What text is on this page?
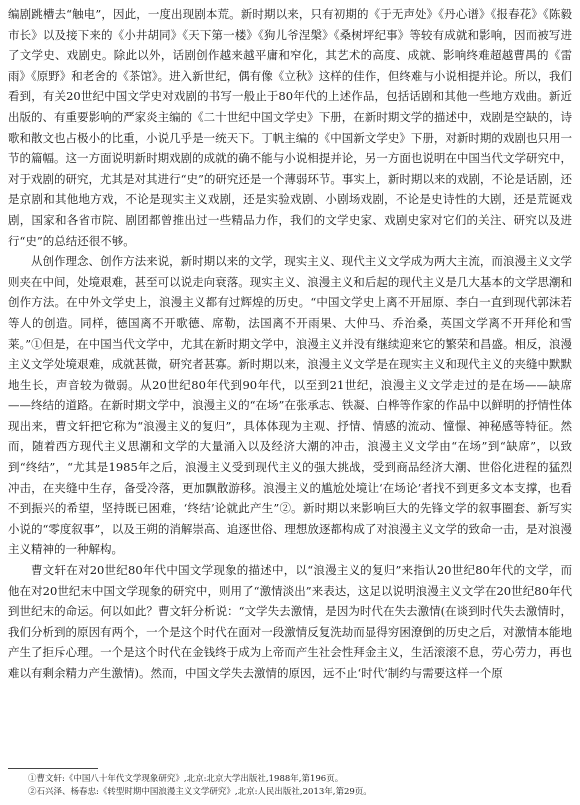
编剧跳槽去“触电”，因此，一度出现剧本荒。新时期以来，只有初期的《于无声处》《丹心谱》《报春花》《陈毅市长》以及接下来的《小井胡同》《天下第一楼》《狗儿爷涅槃》《桑树坪纪事》等较有成就和影响，因而被写进了文学史、戏剧史。除此以外，话剧创作越来越平庸和窄化，其艺术的高度、成就、影响终难超越曹禺的《雷雨》《原野》和老舍的《茶馆》。进入新世纪，偶有像《立秋》这样的佳作，但终难与小说相提并论。所以，我们看到，有关20世纪中国文学史对戏剧的书写一般止于80年代的上述作品，包括话剧和其他一些地方戏曲。新近出版的、有重要影响的严家炎主编的《二十世纪中国文学史》下册，在新时期文学的描述中，戏剧是空缺的，诗歌和散文也占极小的比重，小说几乎是一统天下。丁帆主编的《中国新文学史》下册，对新时期的戏剧也只用一节的篇幅。这一方面说明新时期戏剧的成就的确不能与小说相提并论，另一方面也说明在中国当代文学研究中，对于戏剧的研究，尤其是对其进行“史”的研究还是一个薄弱环节。事实上，新时期以来的戏剧，不论是话剧，还是京剧和其他地方戏，不论是现实主义戏剧，还是实验戏剧、小剧场戏剧，不论是史诗性的大剧，还是荒诞戏剧，国家和各省市院、剧团都曾推出过一些精品力作，我们的文学史家、戏剧史家对它们的关注、研究以及进行“史”的总结还很不够。

从创作理念、创作方法来说，新时期以来的文学，现实主义、现代主义文学成为两大主流，而浪漫主义文学则夹在中间，处境艰难，甚至可以说走向衰落。现实主义、浪漫主义和后起的现代主义是几大基本的文学思潮和创作方法。在中外文学史上，浪漫主义都有过辉煌的历史。“中国文学史上离不开屈原、李白一直到现代郭沫若等人的创造。同样，德国离不开歌德、席勒，法国离不开雨果、大仲马、乔治桑，英国文学离不开拜伦和雪莱。”①但是，在中国当代文学中，尤其在新时期文学中，浪漫主义并没有继续迎来它的繁荣和昌盛。相反，浪漫主义文学处境艰难，成就甚微，研究者甚寡。新时期以来，浪漫主义文学是在现实主义和现代主义的夹缝中默默地生长，声音较为微弱。从20世纪80年代到90年代，以至到21世纪，浪漫主义文学走过的是在场——缺席——终结的道路。在新时期文学中，浪漫主义的“在场”在张承志、铁凝、白桦等作家的作品中以鲜明的抒情性体现出来，曹文轩把它称为“浪漫主义的复归”，具体体现为主观、抒情、情感的流动、憧憬、神秘感等特征。然而，随着西方现代主义思潮和文学的大量涌入以及经济大潮的冲击，浪漫主义文学由“在场”到“缺席”，以致到“终结”，“尤其是1985年之后，浪漫主义受到现代主义的强大挑战，受到商品经济大潮、世俗化进程的猛烈冲击，在夹缝中生存，备受冷落，更加飘散游移。浪漫主义的尴尬处境让‘在场论’者找不到更多文本支撑，也看不到振兴的希望，坚持既已困难，‘终结’论就此产生”②。新时期以来影响巨大的先锋文学的叙事圈套、新写实小说的“零度叙事”，以及王朔的消解崇高、追逐世俗、理想放逐都构成了对浪漫主义文学的致命一击，是对浪漫主义精神的一种解构。

曹文轩在对20世纪80年代中国文学现象的描述中，以“浪漫主义的复归”来指认20世纪80年代的文学，而他在对20世纪末中国文学现象的研究中，则用了“激情淡出”来表达，这足以说明浪漫主义文学在20世纪80年代到世纪末的命运。何以如此？曹文轩分析说：“文学失去激情，是因为时代在失去激情(在谈到时代失去激情时，我们分析到的原因有两个，一个是这个时代在面对一段激情反复洗劫而显得穷困潦倒的历史之后，对激情本能地产生了拒斥心理。一个是这个时代在金钱终于成为上帝而产生社会性拜金主义，生活滚滚不息，劳心劳力，再也难以有剩余精力产生激情)。然而，中国文学失去激情的原因，远不止‘时代’制约与需要这样一个原

①曹文轩:《中国八十年代文学现象研究》,北京:北京大学出版社,1988年,第196页。
②石兴泽、杨春忠:《转型时期中国浪漫主义文学研究》,北京:人民出版社,2013年,第29页。
